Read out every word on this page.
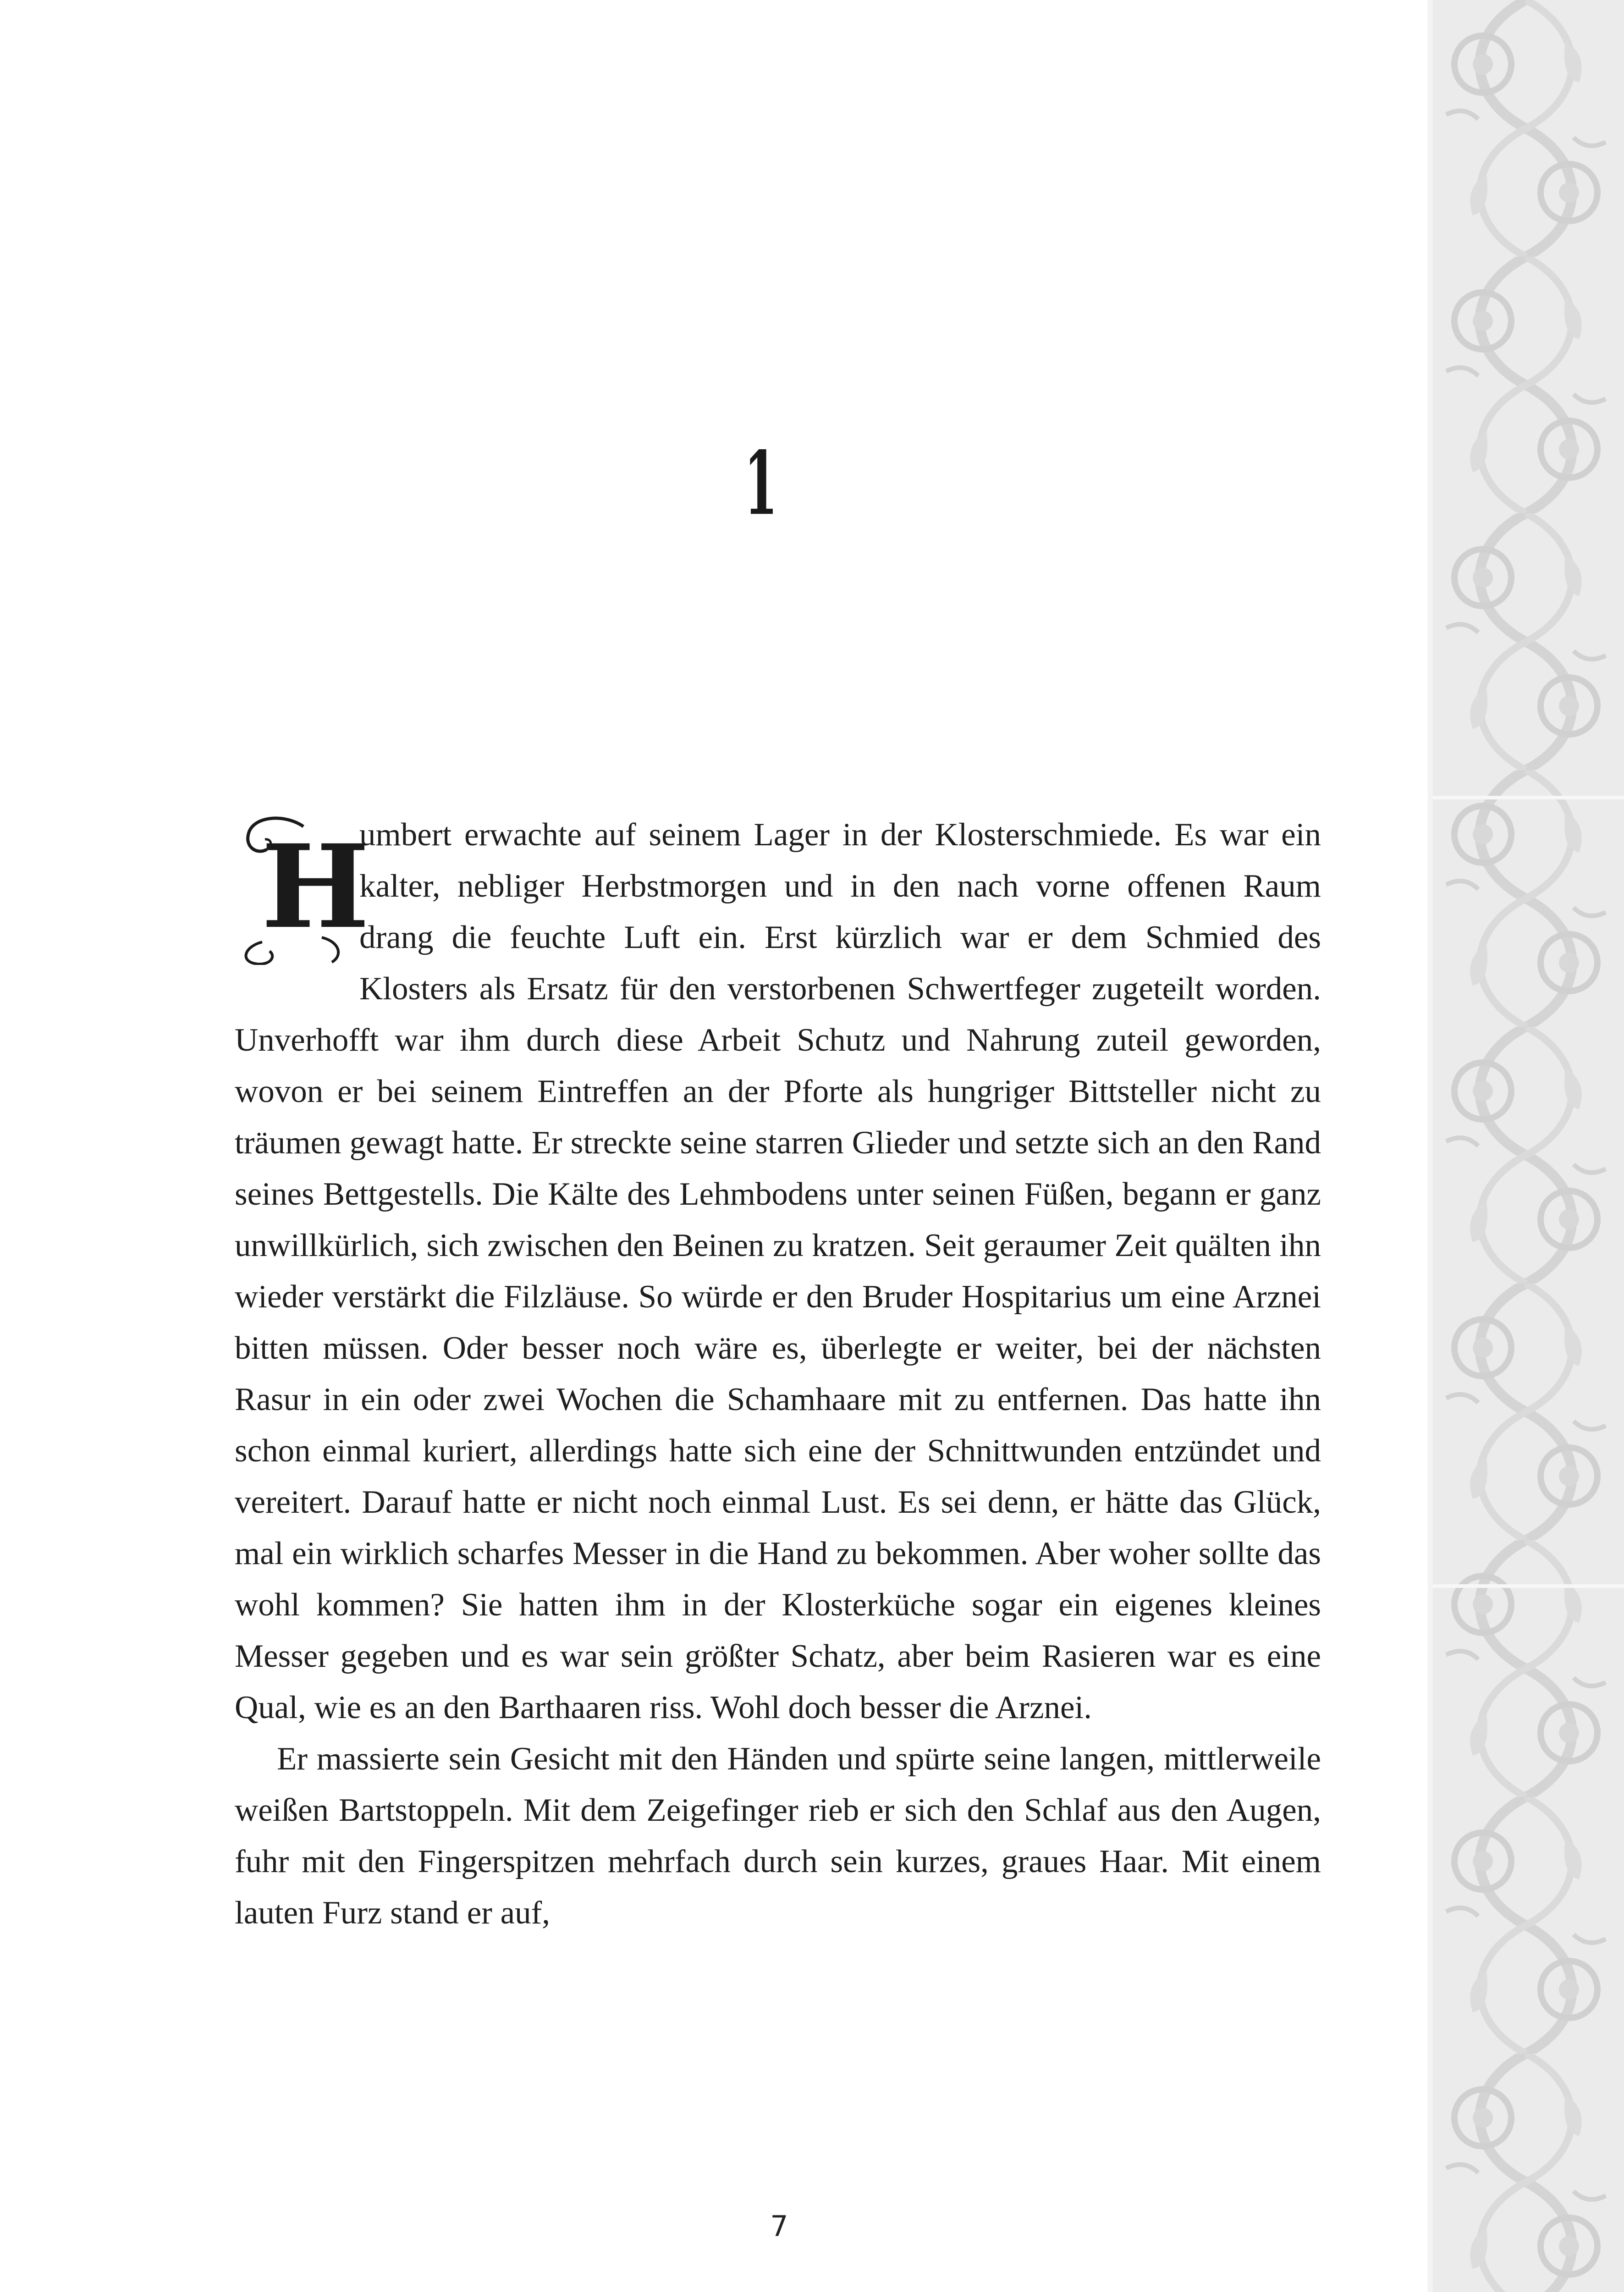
1

H
umbert erwachte auf seinem Lager in der Klosterschmiede. Es war ein kalter, nebliger Herbstmorgen und in den nach vorne offenen Raum drang die feuchte Luft ein. Erst kürzlich war er dem Schmied des Klosters als Ersatz für den verstorbenen Schwertfeger zugeteilt worden. Unverhofft war ihm durch diese Arbeit Schutz und Nahrung zuteil geworden, wovon er bei seinem Eintreffen an der Pforte als hungriger Bittsteller nicht zu träumen gewagt hatte. Er streckte seine starren Glieder und setzte sich an den Rand seines Bettgestells. Die Kälte des Lehmbodens unter seinen Füßen, begann er ganz unwillkürlich, sich zwischen den Beinen zu kratzen. Seit geraumer Zeit quälten ihn wieder verstärkt die Filzläuse. So würde er den Bruder Hospitarius um eine Arznei bitten müssen. Oder besser noch wäre es, überlegte er weiter, bei der nächsten Rasur in ein oder zwei Wochen die Schamhaare mit zu entfernen. Das hatte ihn schon einmal kuriert, allerdings hatte sich eine der Schnittwunden entzündet und vereitert. Darauf hatte er nicht noch einmal Lust. Es sei denn, er hätte das Glück, mal ein wirklich scharfes Messer in die Hand zu bekommen. Aber woher sollte das wohl kommen? Sie hatten ihm in der Klosterküche sogar ein eigenes kleines Messer gegeben und es war sein größter Schatz, aber beim Rasieren war es eine Qual, wie es an den Barthaaren riss. Wohl doch besser die Arznei.

Er massierte sein Gesicht mit den Händen und spürte seine langen, mittlerweile weißen Bartstoppeln. Mit dem Zeigefinger rieb er sich den Schlaf aus den Augen, fuhr mit den Fingerspitzen mehrfach durch sein kurzes, graues Haar. Mit einem lauten Furz stand er auf,

7
